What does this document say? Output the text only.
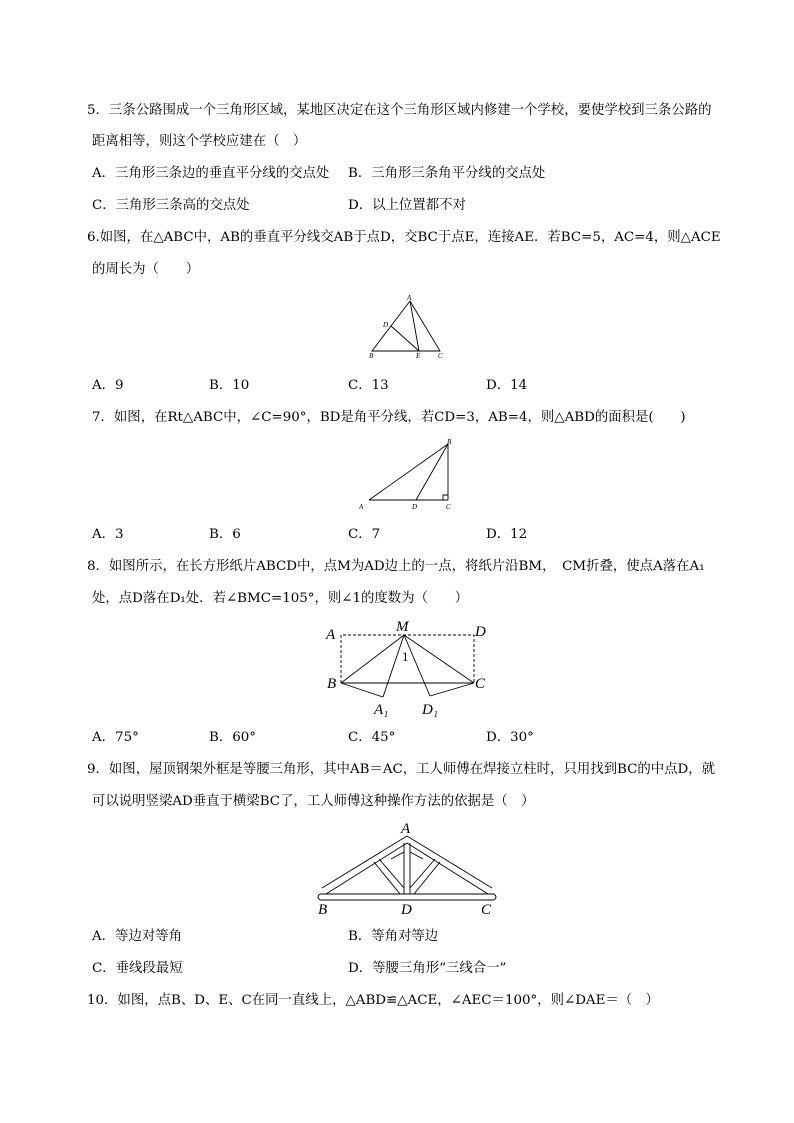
5．三条公路围成一个三角形区域，某地区决定在这个三角形区域内修建一个学校，要使学校到三条公路的
距离相等，则这个学校应建在（　）
A．三角形三条边的垂直平分线的交点处 B．三角形三条角平分线的交点处
C．三角形三条高的交点处	D．以上位置都不对
6.如图，在△ABC中，AB的垂直平分线交AB于点D，交BC于点E，连接AE．若BC=5，AC=4，则△ACE
的周长为（　　）
A
D
B	E	C
A．9	B．10	C．13	D．14
7．如图，在Rt△ABC中，∠C=90°，BD是角平分线，若CD=3，AB=4，则△ABD的面积是(　　)
B
A	D	C
A．3	B．6	C．7	D．12
8．如图所示，在长方形纸片ABCD中，点M为AD边上的一点，将纸片沿BM，　CM折叠，使点A落在A₁
处，点D落在D₁处．若∠BMC=105°，则∠1的度数为（　　）
A	M	D
1
B	C
A₁ D₁
A．75°	B．60°	C．45°	D．30°
9．如图，屋顶钢架外框是等腰三角形，其中AB＝AC，工人师傅在焊接立柱时，只用找到BC的中点D，就
可以说明竖梁AD垂直于横梁BC了，工人师傅这种操作方法的依据是（　）
A
B	D	C
A．等边对等角	B．等角对等边
C．垂线段最短	D．等腰三角形“三线合一”
10．如图，点B、D、E、C在同一直线上，△ABD≌△ACE，∠AEC＝100°，则∠DAE＝（　）
